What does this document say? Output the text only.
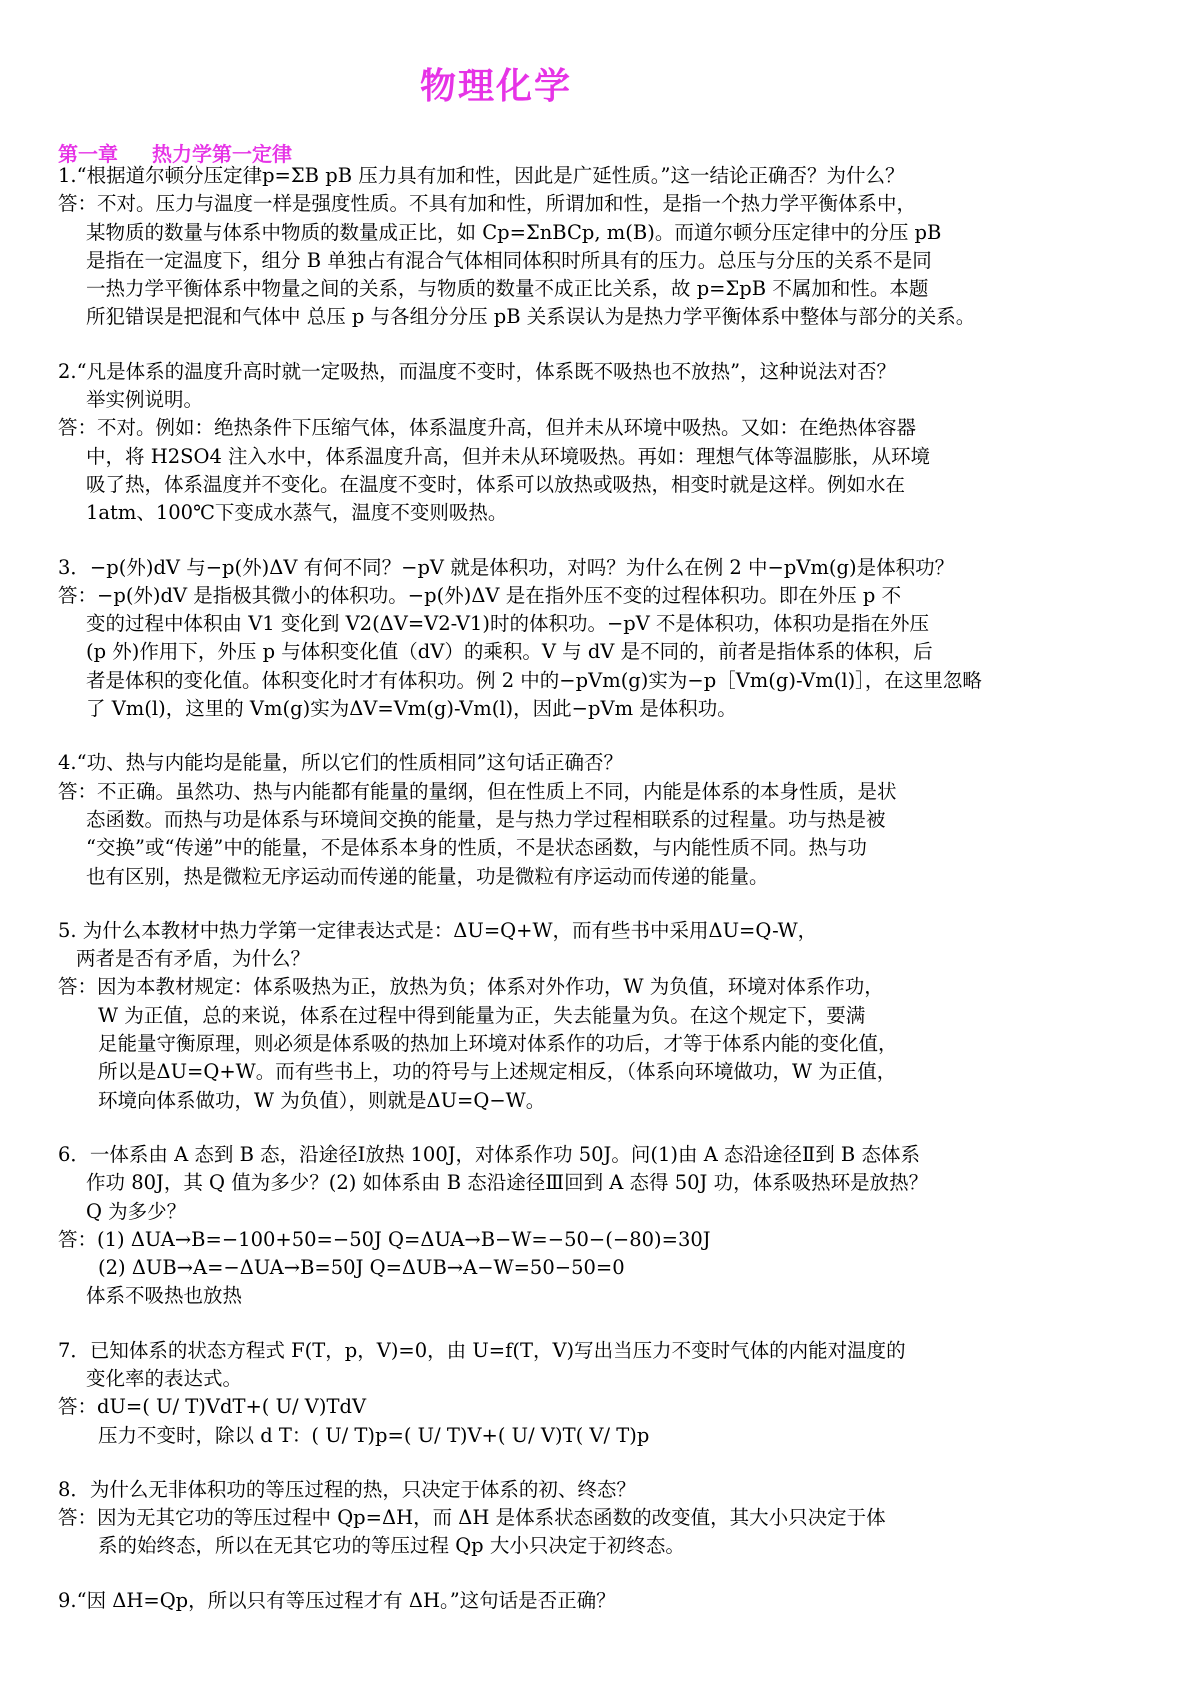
物理化学
第一章 热力学第一定律
1.“根据道尔顿分压定律p=ΣB pB 压力具有加和性，因此是广延性质。”这一结论正确否？为什么？
答：不对。压力与温度一样是强度性质。不具有加和性，所谓加和性，是指一个热力学平衡体系中，
某物质的数量与体系中物质的数量成正比，如 Cp=ΣnBCp, m(B)。而道尔顿分压定律中的分压 pB
是指在一定温度下，组分 B 单独占有混合气体相同体积时所具有的压力。总压与分压的关系不是同
一热力学平衡体系中物量之间的关系，与物质的数量不成正比关系，故 p=ΣpB 不属加和性。本题
所犯错误是把混和气体中 总压 p 与各组分分压 pB 关系误认为是热力学平衡体系中整体与部分的关系。
2.“凡是体系的温度升高时就一定吸热，而温度不变时，体系既不吸热也不放热”，这种说法对否？
举实例说明。
答：不对。例如：绝热条件下压缩气体，体系温度升高，但并未从环境中吸热。又如：在绝热体容器
中，将 H2SO4 注入水中，体系温度升高，但并未从环境吸热。再如：理想气体等温膨胀，从环境
吸了热，体系温度并不变化。在温度不变时，体系可以放热或吸热，相变时就是这样。例如水在
1atm、100℃下变成水蒸气，温度不变则吸热。
3．−p(外)dV 与−p(外)ΔV 有何不同？−pV 就是体积功，对吗？为什么在例 2 中−pVm(g)是体积功？
答：−p(外)dV 是指极其微小的体积功。−p(外)ΔV 是在指外压不变的过程体积功。即在外压 p 不
变的过程中体积由 V1 变化到 V2(ΔV=V2-V1)时的体积功。−pV 不是体积功，体积功是指在外压
(p 外)作用下，外压 p 与体积变化值（dV）的乘积。V 与 dV 是不同的，前者是指体系的体积，后
者是体积的变化值。体积变化时才有体积功。例 2 中的−pVm(g)实为−p［Vm(g)-Vm(l)］，在这里忽略
了 Vm(l)，这里的 Vm(g)实为ΔV=Vm(g)-Vm(l)，因此−pVm 是体积功。
4.“功、热与内能均是能量，所以它们的性质相同”这句话正确否？
答：不正确。虽然功、热与内能都有能量的量纲，但在性质上不同，内能是体系的本身性质，是状
态函数。而热与功是体系与环境间交换的能量，是与热力学过程相联系的过程量。功与热是被
“交换”或“传递”中的能量，不是体系本身的性质，不是状态函数，与内能性质不同。热与功
也有区别，热是微粒无序运动而传递的能量，功是微粒有序运动而传递的能量。
5. 为什么本教材中热力学第一定律表达式是：ΔU=Q+W，而有些书中采用ΔU=Q-W，
两者是否有矛盾，为什么？
答：因为本教材规定：体系吸热为正，放热为负；体系对外作功，W 为负值，环境对体系作功，
W 为正值，总的来说，体系在过程中得到能量为正，失去能量为负。在这个规定下，要满
足能量守衡原理，则必须是体系吸的热加上环境对体系作的功后，才等于体系内能的变化值，
所以是ΔU=Q+W。而有些书上，功的符号与上述规定相反，（体系向环境做功，W 为正值，
环境向体系做功，W 为负值），则就是ΔU=Q−W。
6．一体系由 A 态到 B 态，沿途径Ⅰ放热 100J，对体系作功 50J。问(1)由 A 态沿途径Ⅱ到 B 态体系
作功 80J，其 Q 值为多少？(2) 如体系由 B 态沿途径Ⅲ回到 A 态得 50J 功，体系吸热环是放热？
Q 为多少？
答：(1) ΔUA→B=−100+50=−50J Q=ΔUA→B−W=−50−(−80)=30J
(2) ΔUB→A=−ΔUA→B=50J Q=ΔUB→A−W=50−50=0
体系不吸热也放热
7．已知体系的状态方程式 F(T，p，V)=0，由 U=f(T，V)写出当压力不变时气体的内能对温度的
变化率的表达式。
答：dU=( U/ T)VdT+( U/ V)TdV
压力不变时，除以 d T：( U/ T)p=( U/ T)V+( U/ V)T( V/ T)p
8．为什么无非体积功的等压过程的热，只决定于体系的初、终态？
答：因为无其它功的等压过程中 Qp=ΔH，而 ΔH 是体系状态函数的改变值，其大小只决定于体
系的始终态，所以在无其它功的等压过程 Qp 大小只决定于初终态。
9.“因 ΔH=Qp，所以只有等压过程才有 ΔH。”这句话是否正确？
